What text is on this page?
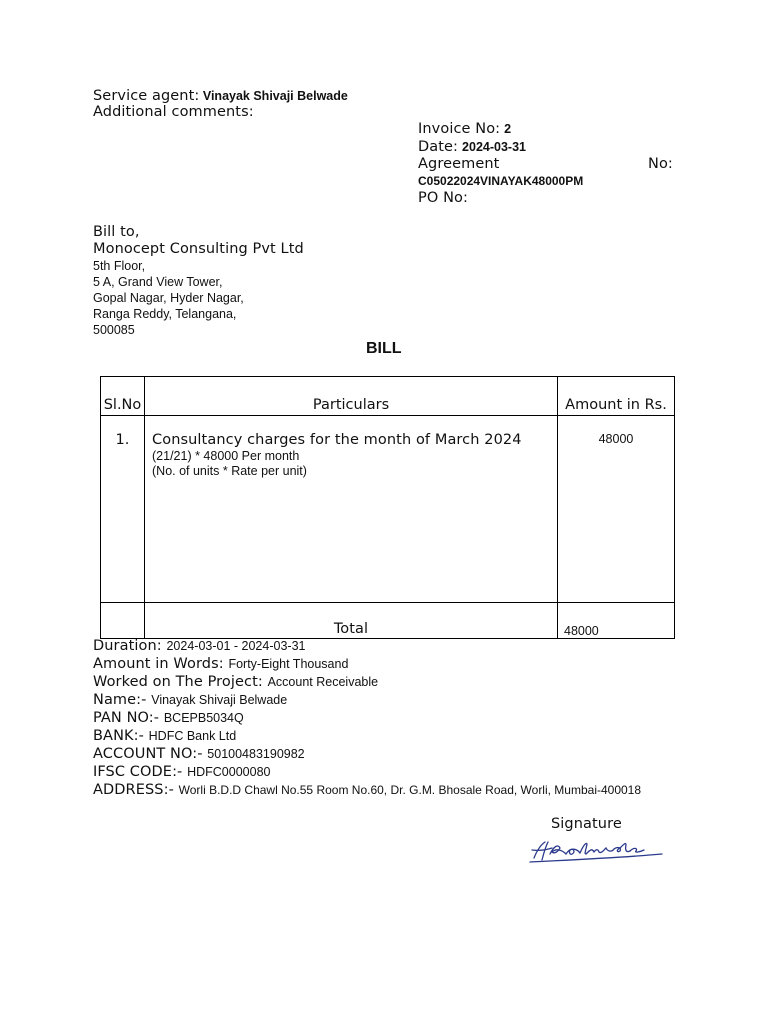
Service agent: Vinayak Shivaji Belwade
Additional comments:
Invoice No: 2
Date: 2024-03-31
Agreement	No:
C05022024VINAYAK48000PM
PO No:
Bill to,
Monocept Consulting Pvt Ltd
5th Floor,
5 A, Grand View Tower,
Gopal Nagar, Hyder Nagar,
Ranga Reddy, Telangana,
500085
BILL
Sl.No	Particulars	Amount in Rs.
1.	Consultancy charges for the month of March 2024
(21/21) * 48000 Per month
(No. of units * Rate per unit)	48000
	Total	48000
Duration: 2024-03-01 - 2024-03-31
Amount in Words: Forty-Eight Thousand
Worked on The Project: Account Receivable
Name:- Vinayak Shivaji Belwade
PAN NO:- BCEPB5034Q
BANK:- HDFC Bank Ltd
ACCOUNT NO:- 50100483190982
IFSC CODE:- HDFC0000080
ADDRESS:- Worli B.D.D Chawl No.55 Room No.60, Dr. G.M. Bhosale Road, Worli, Mumbai-400018
Signature
